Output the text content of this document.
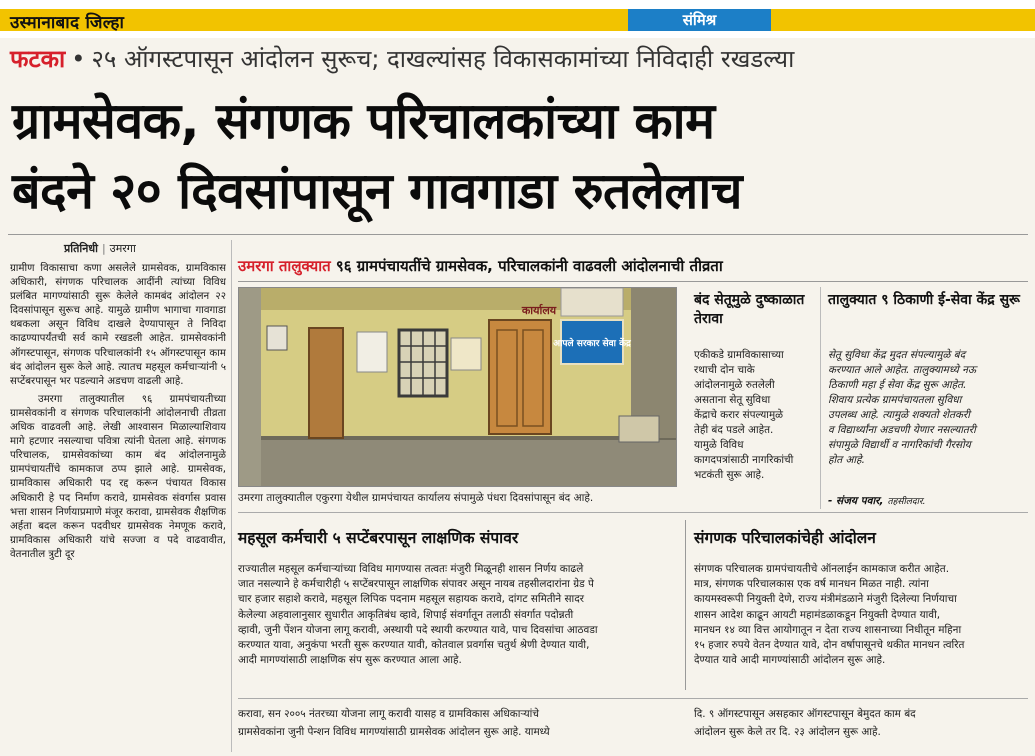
उस्मानाबाद जिल्हा	संमिश्र
फटका • २५ ऑगस्टपासून आंदोलन सुरूच; दाखल्यांसह विकासकामांच्या निविदाही रखडल्या
ग्रामसेवक, संगणक परिचालकांच्या काम
बंदने २० दिवसांपासून गावगाडा रुतलेलाच
प्रतिनिधी | उमरगा

ग्रामीण विकासाचा कणा असलेले ग्रामसेवक, ग्रामविकास अधिकारी, संगणक परिचालक आदींनी त्यांच्या विविध प्रलंबित मागण्यांसाठी सुरू केलेले कामबंद आंदोलन २२ दिवसांपासून सुरूच आहे. यामुळे ग्रामीण भागाचा गावगाडा थबकला असून विविध दाखले देण्यापासून ते निविदा काढण्यापर्यंतची सर्व कामे रखडली आहेत. ग्रामसेवकांनी ऑगस्टपासून, संगणक परिचालकांनी १५ ऑगस्टपासून काम बंद आंदोलन सुरू केले आहे. त्यातच महसूल कर्मचाऱ्यांनी ५ सप्टेंबरपासून भर पडल्याने अडचण वाढली आहे.

उमरगा तालुक्यातील ९६ ग्रामपंचायतीच्या ग्रामसेवकांनी व संगणक परिचालकांनी आंदोलनाची तीव्रता अधिक वाढवली आहे. लेखी आश्वासन मिळाल्याशिवाय मागे हटणार नसल्याचा पवित्रा त्यांनी घेतला आहे. संगणक परिचालक, ग्रामसेवकांच्या काम बंद आंदोलनामुळे ग्रामपंचायतींचे कामकाज ठप्प झाले आहे. ग्रामसेवक, ग्रामविकास अधिकारी पद रद्द करून पंचायत विकास अधिकारी हे पद निर्माण करावे, ग्रामसेवक संवर्गास प्रवास भत्ता शासन निर्णयाप्रमाणे मंजूर करावा, ग्रामसेवक शैक्षणिक अर्हता बदल करून पदवीधर ग्रामसेवक नेमणूक करावे, ग्रामविकास अधिकारी यांचे सज्जा व पदे वाढवावीत, वेतनातील त्रुटी दूर

उमरगा तालुक्यात ९६ ग्रामपंचायतींचे ग्रामसेवक, परिचालकांनी वाढवली आंदोलनाची तीव्रता
कार्यालय
आपले सरकार सेवा केंद्र
उमरगा तालुक्यातील एकुरगा येथील ग्रामपंचायत कार्यालय संपामुळे पंधरा दिवसांपासून बंद आहे.
बंद सेतूमुळे दुष्काळात तेरावा
एकीकडे ग्रामविकासाच्या
रथाची दोन चाके
आंदोलनामुळे रुतलेली
असताना सेतू सुविधा
केंद्राचे करार संपल्यामुळे
तेही बंद पडले आहेत.
यामुळे विविध
कागदपत्रांसाठी नागरिकांची
भटकंती सुरू आहे.
तालुक्यात ९ ठिकाणी ई-सेवा केंद्र सुरू
सेतू सुविधा केंद्र मुदत संपल्यामुळे बंद
करण्यात आले आहेत. तालुक्यामध्ये नऊ
ठिकाणी महा ई सेवा केंद्र सुरू आहेत.
शिवाय प्रत्येक ग्रामपंचायतला सुविधा
उपलब्ध आहे. त्यामुळे शक्यतो शेतकरी
व विद्यार्थ्यांना अडचणी येणार नसल्यातरी
संपामुळे विद्यार्थी व नागरिकांची गैरसोय
होत आहे.
- संजय पवार, तहसीलदार.
महसूल कर्मचारी ५ सप्टेंबरपासून लाक्षणिक संपावर
राज्यातील महसूल कर्मचाऱ्यांच्या विविध मागण्यास तत्वतः मंजुरी मिळूनही शासन निर्णय काढले
जात नसल्याने हे कर्मचारीही ५ सप्टेंबरपासून लाक्षणिक संपावर असून नायब तहसीलदारांना ग्रेड पे
चार हजार सहाशे करावे, महसूल लिपिक पदनाम महसूल सहायक करावे, दांगट समितीने सादर
केलेल्या अहवालानुसार सुधारीत आकृतिबंध व्हावे, शिपाई संवर्गातून तलाठी संवर्गात पदोन्नती
व्हावी, जुनी पेंशन योजना लागू करावी, अस्थायी पदे स्थायी करण्यात यावे, पाच दिवसांचा आठवडा
करण्यात यावा, अनुकंपा भरती सुरू करण्यात यावी, कोतवाल प्रवर्गास चतुर्थ श्रेणी देण्यात यावी,
आदी मागण्यांसाठी लाक्षणिक संप सुरू करण्यात आला आहे.
संगणक परिचालकांचेही आंदोलन
संगणक परिचालक ग्रामपंचायतीचे ऑनलाईन कामकाज करीत आहेत.
मात्र, संगणक परिचालकास एक वर्ष मानधन मिळत नाही. त्यांना
कायमस्वरूपी नियुक्ती देणे, राज्य मंत्रीमंडळाने मंजुरी दिलेल्या निर्णयाचा
शासन आदेश काढून आयटी महामंडळाकडून नियुक्ती देण्यात यावी,
मानधन १४ व्या वित्त आयोगातून न देता राज्य शासनाच्या निधीतून महिना
१५ हजार रुपये वेतन देण्यात यावे, दोन वर्षापासूनचे थकीत मानधन त्वरित
देण्यात यावे आदी मागण्यांसाठी आंदोलन सुरू आहे.
करावा, सन २००५ नंतरच्या योजना लागू करावी यासह व ग्रामविकास अधिकाऱ्यांचे
ग्रामसेवकांना जुनी पेन्शन विविध मागण्यांसाठी ग्रामसेवक आंदोलन सुरू आहे. यामध्ये
दि. ९ ऑगस्टपासून असहकार ऑगस्टपासून बेमुदत काम बंद
आंदोलन सुरू केले तर दि. २३ आंदोलन सुरू आहे.
